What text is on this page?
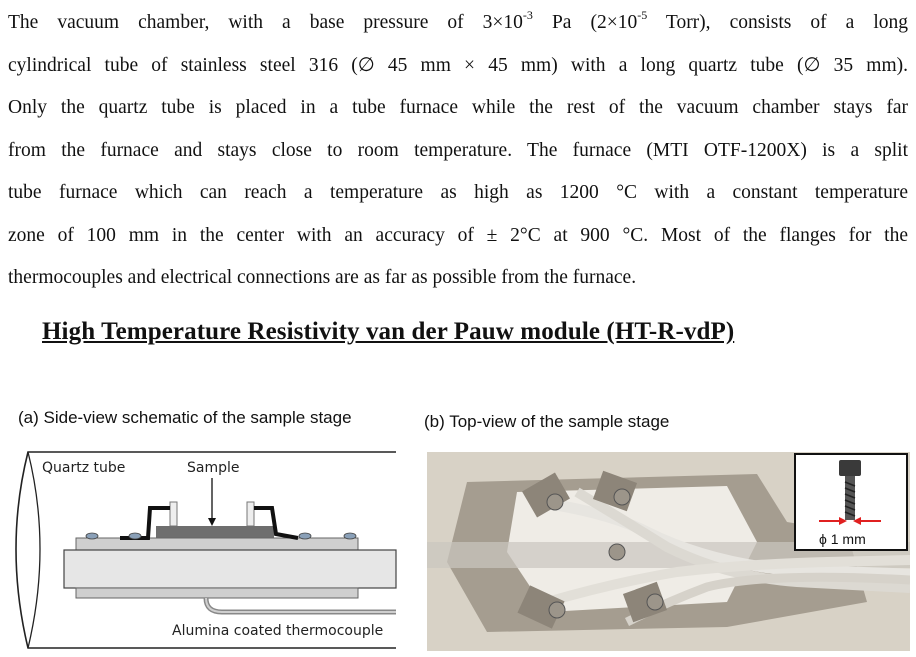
The vacuum chamber, with a base pressure of $3\times 10^{-3}$ Pa ($2\times 10^{-5}$ Torr), consists of a long

cylindrical tube of stainless steel 316 (∅ 45 mm × 45 mm) with a long quartz tube (∅ 35 mm).

Only the quartz tube is placed in a tube furnace while the rest of the vacuum chamber stays far

from the furnace and stays close to room temperature. The furnace (MTI OTF-1200X) is a split

tube furnace which can reach a temperature as high as 1200 °C with a constant temperature

zone of 100 mm in the center with an accuracy of ± 2°C at 900 °C. Most of the flanges for the

thermocouples and electrical connections are as far as possible from the furnace.

High Temperature Resistivity van der Pauw module (HT-R-vdP)
(a) Side-view schematic of the sample stage	(b) Top-view of the sample stage
Quartz tube	Sample
Alumina coated thermocouple
ϕ 1 mm
